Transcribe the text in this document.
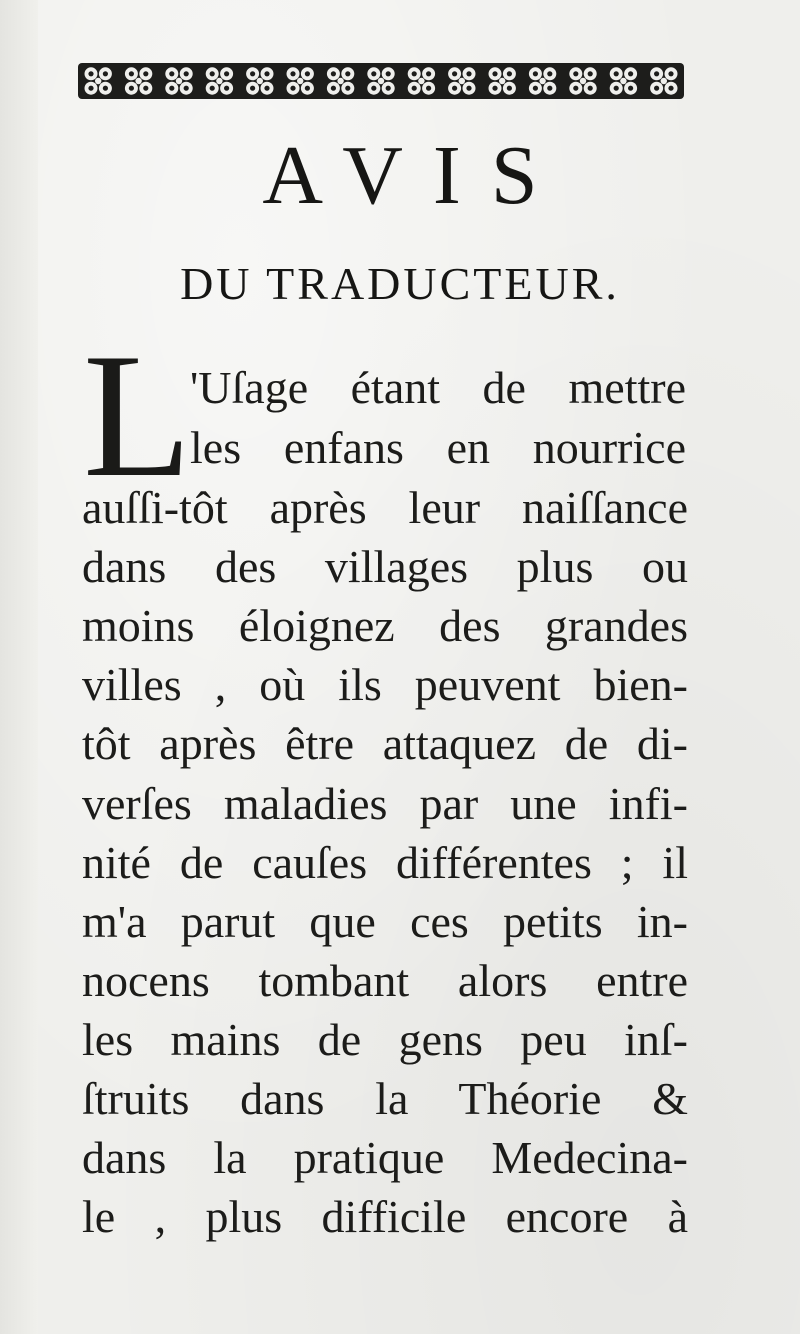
AVIS
DU TRADUCTEUR.
L
'Uſage étant de mettre
les enfans en nourrice
auſſi-tôt après leur naiſſance
dans des villages plus ou
moins éloignez des grandes
villes , où ils peuvent bien-
tôt après être attaquez de di-
verſes maladies par une infi-
nité de cauſes différentes ; il
m'a parut que ces petits in-
nocens tombant alors entre
les mains de gens peu inſ-
ſtruits dans la Théorie &
dans la pratique Medecina-
le , plus difficile encore à
